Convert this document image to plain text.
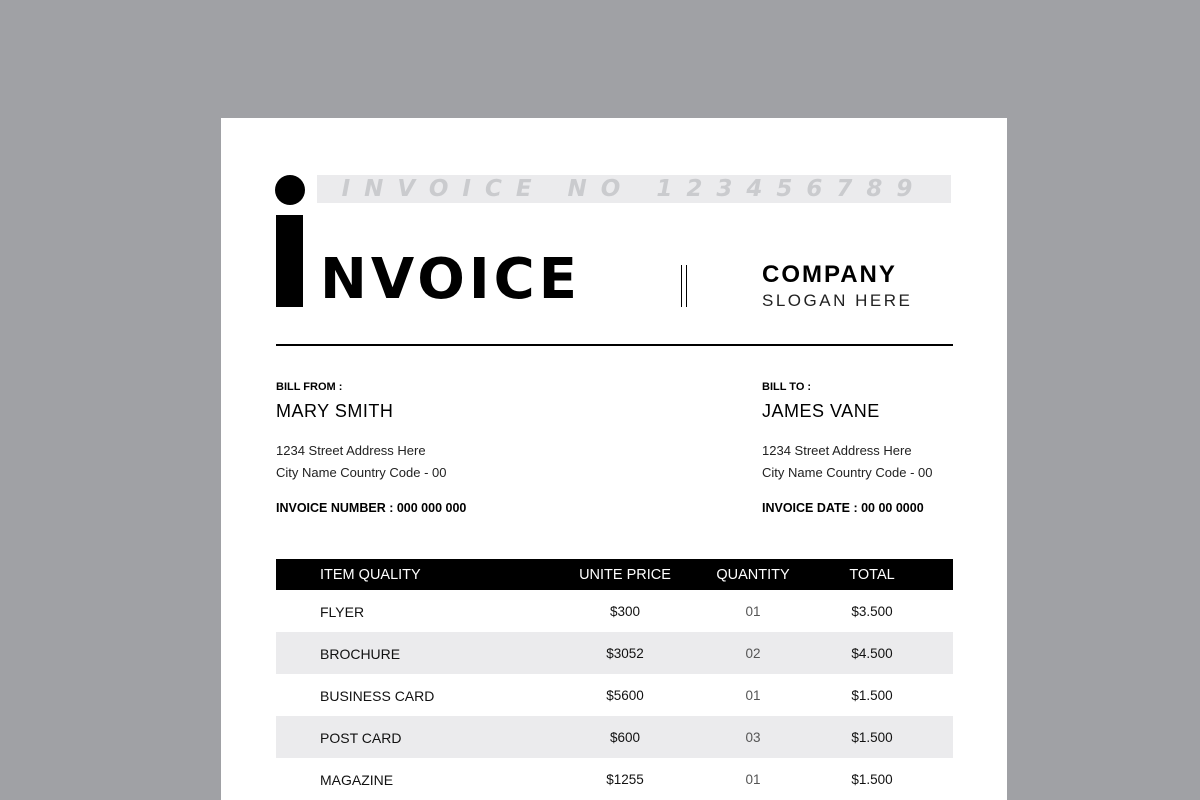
INVOICE NO 123456789
NVOICE	COMPANY
SLOGAN HERE
BILL FROM :
MARY SMITH
1234 Street Address Here
City Name Country Code - 00
INVOICE NUMBER : 000 000 000
BILL TO :
JAMES VANE
1234 Street Address Here
City Name Country Code - 00
INVOICE DATE : 00 00 0000
ITEM QUALITY	UNITE PRICE	QUANTITY	TOTAL
FLYER	$300	01	$3.500
BROCHURE	$3052	02	$4.500
BUSINESS CARD	$5600	01	$1.500
POST CARD	$600	03	$1.500
MAGAZINE	$1255	01	$1.500
